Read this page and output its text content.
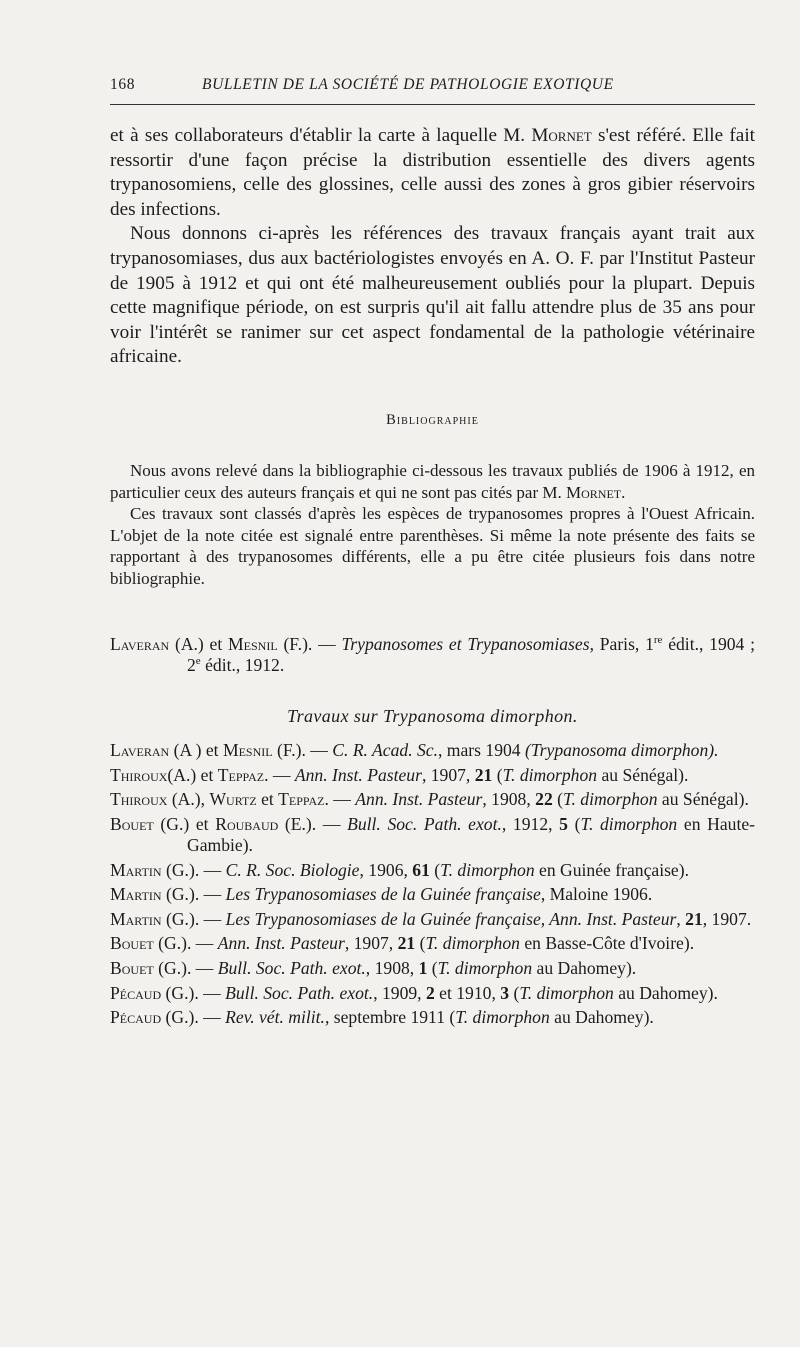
168	BULLETIN DE LA SOCIÉTÉ DE PATHOLOGIE EXOTIQUE

et à ses collaborateurs d'établir la carte à laquelle M. Mornet s'est référé. Elle fait ressortir d'une façon précise la distribution essentielle des divers agents trypanosomiens, celle des glossines, celle aussi des zones à gros gibier réservoirs des infections.

Nous donnons ci-après les références des travaux français ayant trait aux trypanosomiases, dus aux bactériologistes envoyés en A. O. F. par l'Institut Pasteur de 1905 à 1912 et qui ont été malheureusement oubliés pour la plupart. Depuis cette magnifique période, on est surpris qu'il ait fallu attendre plus de 35 ans pour voir l'intérêt se ranimer sur cet aspect fondamental de la pathologie vétérinaire africaine.

Bibliographie

Nous avons relevé dans la bibliographie ci-dessous les travaux publiés de 1906 à 1912, en particulier ceux des auteurs français et qui ne sont pas cités par M. Mornet.

Ces travaux sont classés d'après les espèces de trypanosomes propres à l'Ouest Africain. L'objet de la note citée est signalé entre parenthèses. Si même la note présente des faits se rapportant à des trypanosomes différents, elle a pu être citée plusieurs fois dans notre bibliographie.

Laveran (A.) et Mesnil (F.). — Trypanosomes et Trypanosomiases, Paris, 1re édit., 1904 ; 2e édit., 1912.

Travaux sur Trypanosoma dimorphon.

Laveran (A ) et Mesnil (F.). — C. R. Acad. Sc., mars 1904 (Trypanosoma dimorphon).

Thiroux(A.) et Teppaz. — Ann. Inst. Pasteur, 1907, 21 (T. dimorphon au Sénégal).

Thiroux (A.), Wurtz et Teppaz. — Ann. Inst. Pasteur, 1908, 22 (T. dimorphon au Sénégal).

Bouet (G.) et Roubaud (E.). — Bull. Soc. Path. exot., 1912, 5 (T. dimorphon en Haute-Gambie).

Martin (G.). — C. R. Soc. Biologie, 1906, 61 (T. dimorphon en Guinée française).

Martin (G.). — Les Trypanosomiases de la Guinée française, Maloine 1906.

Martin (G.). — Les Trypanosomiases de la Guinée française, Ann. Inst. Pasteur, 21, 1907.

Bouet (G.). — Ann. Inst. Pasteur, 1907, 21 (T. dimorphon en Basse-Côte d'Ivoire).

Bouet (G.). — Bull. Soc. Path. exot., 1908, 1 (T. dimorphon au Dahomey).

Pécaud (G.). — Bull. Soc. Path. exot., 1909, 2 et 1910, 3 (T. dimorphon au Dahomey).

Pécaud (G.). — Rev. vét. milit., septembre 1911 (T. dimorphon au Dahomey).
